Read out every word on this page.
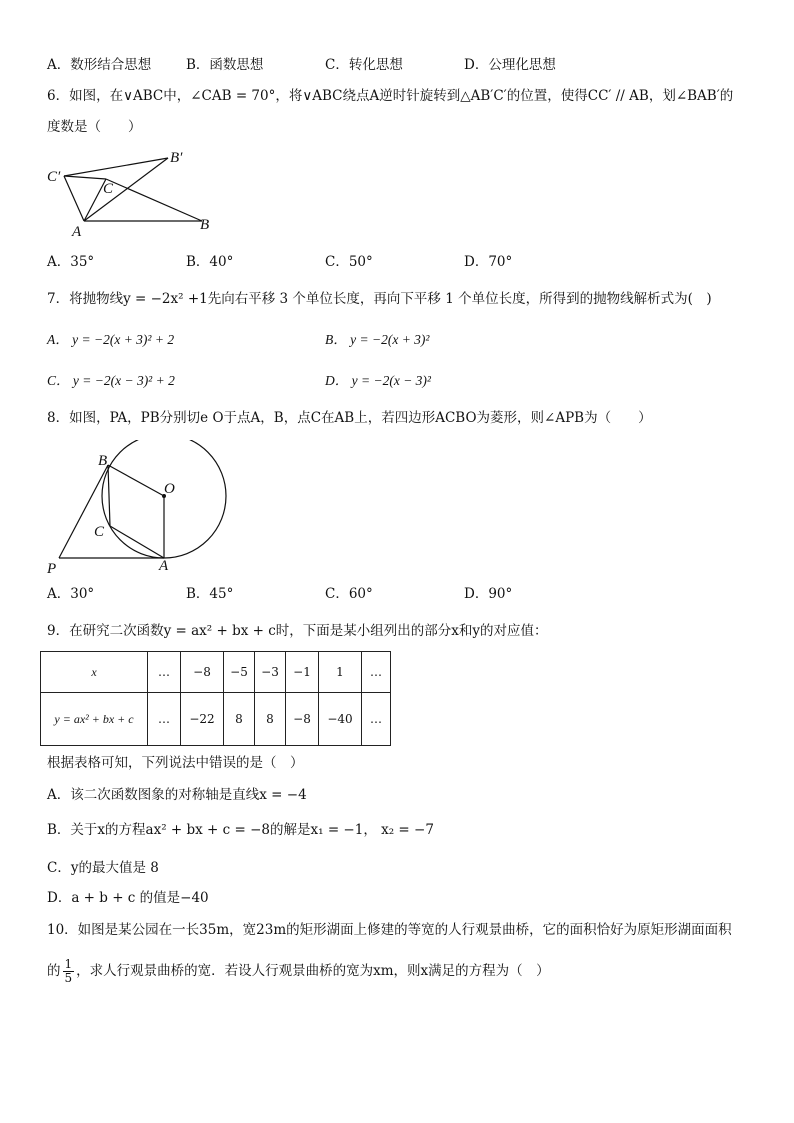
A．数形结合思想	B．函数思想	C．转化思想	D．公理化思想
6．如图，在∨ABC中，∠CAB = 70°，将∨ABC绕点A逆时针旋转到△AB′C′的位置，使得CC′ // AB，划∠BAB′的
度数是（　　）
C′
B′
C
A	B
A．35°	B．40°	C．50°	D．70°
7．将抛物线y = −2x² +1先向右平移 3 个单位长度，再向下平移 1 个单位长度，所得到的抛物线解析式为(　)
A． y = −2(x + 3)² + 2	B． y = −2(x + 3)²
C． y = −2(x − 3)² + 2	D． y = −2(x − 3)²
8．如图，PA，PB分别切e O于点A，B，点C在AB上，若四边形ACBO为菱形，则∠APB为（　　）
B
O
C
P	A
A．30°	B．45°	C．60°	D．90°
9．在研究二次函数y = ax² + bx + c时，下面是某小组列出的部分x和y的对应值：
x	…	−8	−5	−3	−1	1	…
y = ax² + bx + c	…	−22	8	8	−8	−40	…
根据表格可知，下列说法中错误的是（　）
A．该二次函数图象的对称轴是直线x = −4
B．关于x的方程ax² + bx + c = −8的解是x₁ = −1， x₂ = −7
C．y的最大值是 8
D．a + b + c 的值是−40
10．如图是某公园在一长35m，宽23m的矩形湖面上修建的等宽的人行观景曲桥，它的面积恰好为原矩形湖面面积
的 $\frac{1}{5}$ ，求人行观景曲桥的宽．若设人行观景曲桥的宽为xm，则x满足的方程为（　）
